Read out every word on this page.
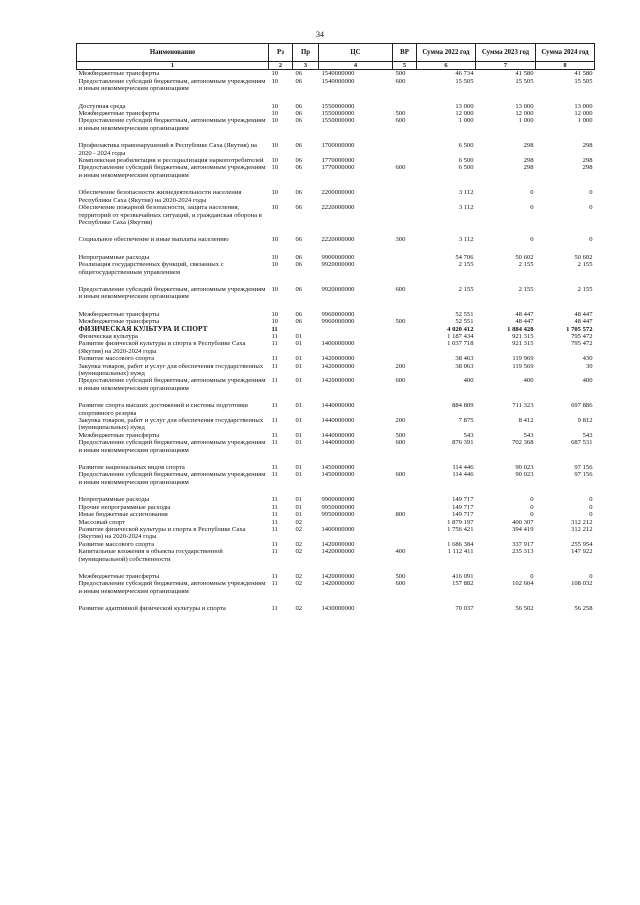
34
Наименование	Рз	Пр	ЦС	ВР	Сумма 2022 год	Сумма 2023 год	Сумма 2024 год
1	2	3	4	5	6	7	8
Межбюджетные трансферты	10	06	1540000000	500	46 734	41 580	41 580
Предоставление субсидий бюджетным, автономным учреждениям и иным некоммерческим организациям	10	06	1540000000	600	15 505	15 505	15 505

Доступная среда	10	06	1550000000		13 000	13 000	13 000
Межбюджетные трансферты	10	06	1550000000	500	12 000	12 000	12 000
Предоставление субсидий бюджетным, автономным учреждениям и иным некоммерческим организациям	10	06	1550000000	600	1 000	1 000	1 000

Профилактика правонарушений в Республике Саха (Якутия) на 2020 - 2024 годы	10	06	1700000000		6 500	298	298
Комплексная реабилитация и ресоциализация наркопотребителей	10	06	1770000000		6 500	298	298
Предоставление субсидий бюджетным, автономным учреждениям и иным некоммерческим организациям	10	06	1770000000	600	6 500	298	298

Обеспечение безопасности жизнедеятельности населения Республики Саха (Якутия) на 2020-2024 годы	10	06	2200000000		3 112	0	0
Обеспечение пожарной безопасности, защита населения, территорий от чрезвычайных ситуаций, и гражданская оборона в Республике Саха (Якутия)	10	06	2220000000		3 112	0	0

Социальное обеспечение и иные выплаты населению	10	06	2220000000	300	3 112	0	0

Непрограммные расходы	10	06	9900000000		54 706	50 602	50 602
Реализация государственных функций, связанных с общегосударственным управлением	10	06	9920000000		2 155	2 155	2 155

Предоставление субсидий бюджетным, автономным учреждениям и иным некоммерческим организациям	10	06	9920000000	600	2 155	2 155	2 155

Межбюджетные трансферты	10	06	9960000000		52 551	48 447	48 447
Межбюджетные трансферты	10	06	9960000000	500	52 551	48 447	48 447
ФИЗИЧЕСКАЯ КУЛЬТУРА И СПОРТ	11				4 020 412	1 884 428	1 705 572
Физическая культура	11	01			1 187 434	921 315	795 472
Развитие физической культуры и спорта в Республике Саха (Якутия) на 2020-2024 годы	11	01	1400000000		1 037 718	921 315	795 472
Развитие массового спорта	11	01	1420000000		38 463	119 969	430
Закупка товаров, работ и услуг для обеспечения государственных (муниципальных) нужд	11	01	1420000000	200	38 063	119 569	30
Предоставление субсидий бюджетным, автономным учреждениям и иным некоммерческим организациям	11	01	1420000000	600	400	400	400

Развитие спорта высших достижений и системы подготовки спортивного резерва	11	01	1440000000		884 809	711 323	697 886
Закупка товаров, работ и услуг для обеспечения государственных (муниципальных) нужд	11	01	1440000000	200	7 875	8 412	9 812
Межбюджетные трансферты	11	01	1440000000	500	543	543	543
Предоставление субсидий бюджетным, автономным учреждениям и иным некоммерческим организациям	11	01	1440000000	600	876 391	702 368	687 531

Развитие национальных видов спорта	11	01	1450000000		114 446	90 023	97 156
Предоставление субсидий бюджетным, автономным учреждениям и иным некоммерческим организациям	11	01	1450000000	600	114 446	90 023	97 156

Непрограммные расходы	11	01	9900000000		149 717	0	0
Прочие непрограммные расходы	11	01	9950000000		149 717	0	0
Иные бюджетные ассигнования	11	01	9950000000	800	149 717	0	0
Массовый спорт	11	02			1 879 197	400 307	312 212
Развитие физической культуры и спорта в Республике Саха (Якутия) на 2020-2024 годы	11	02	1400000000		1 756 421	394 419	312 212
Развитие массового спорта	11	02	1420000000		1 686 384	337 917	255 954
Капитальные вложения в объекты государственной (муниципальной) собственности	11	02	1420000000	400	1 112 411	235 313	147 922

Межбюджетные трансферты	11	02	1420000000	500	416 091	0	0
Предоставление субсидий бюджетным, автономным учреждениям и иным некоммерческим организациям	11	02	1420000000	600	157 882	102 604	108 032

Развитие адаптивной физической культуры и спорта	11	02	1430000000		70 037	56 502	56 258
